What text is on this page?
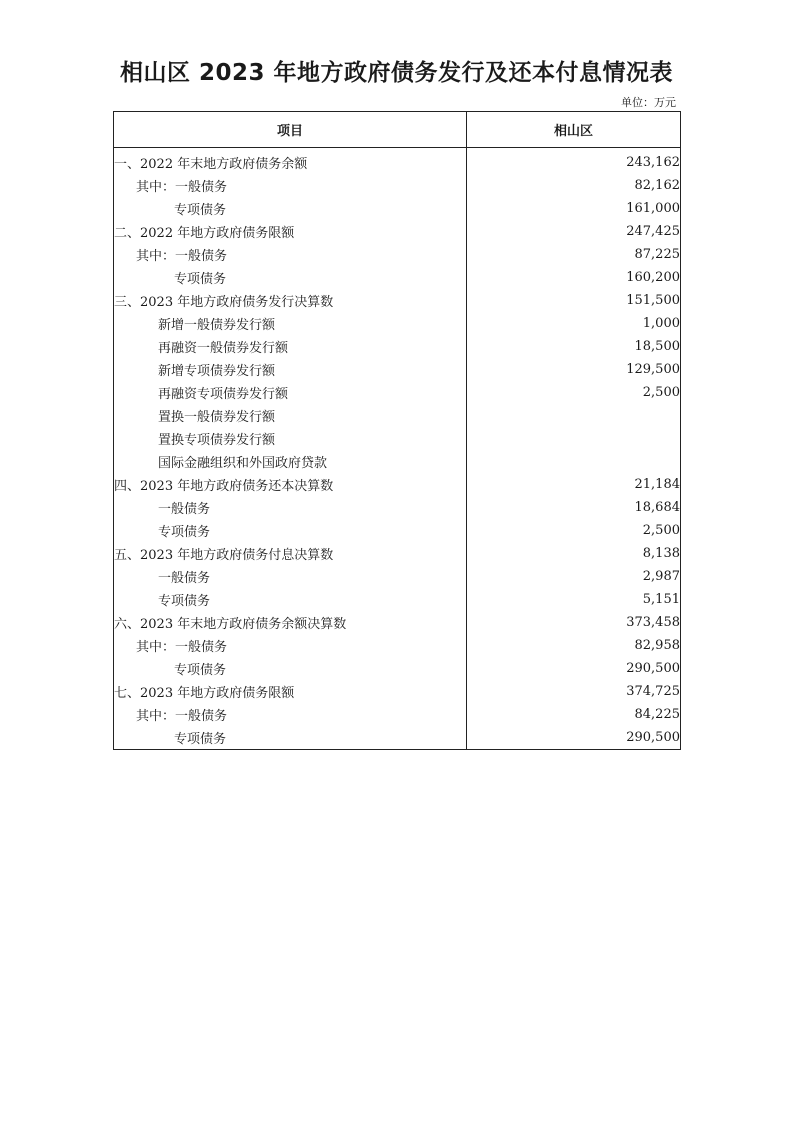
相山区 2023 年地方政府债务发行及还本付息情况表
单位：万元
项目	相山区
一、2022 年末地方政府债务余额	243,162
其中：一般债务	82,162
专项债务	161,000
二、2022 年地方政府债务限额	247,425
其中：一般债务	87,225
专项债务	160,200
三、2023 年地方政府债务发行决算数	151,500
新增一般债券发行额	1,000
再融资一般债券发行额	18,500
新增专项债券发行额	129,500
再融资专项债券发行额	2,500
置换一般债券发行额	
置换专项债券发行额	
国际金融组织和外国政府贷款	
四、2023 年地方政府债务还本决算数	21,184
一般债务	18,684
专项债务	2,500
五、2023 年地方政府债务付息决算数	8,138
一般债务	2,987
专项债务	5,151
六、2023 年末地方政府债务余额决算数	373,458
其中：一般债务	82,958
专项债务	290,500
七、2023 年地方政府债务限额	374,725
其中：一般债务	84,225
专项债务	290,500
